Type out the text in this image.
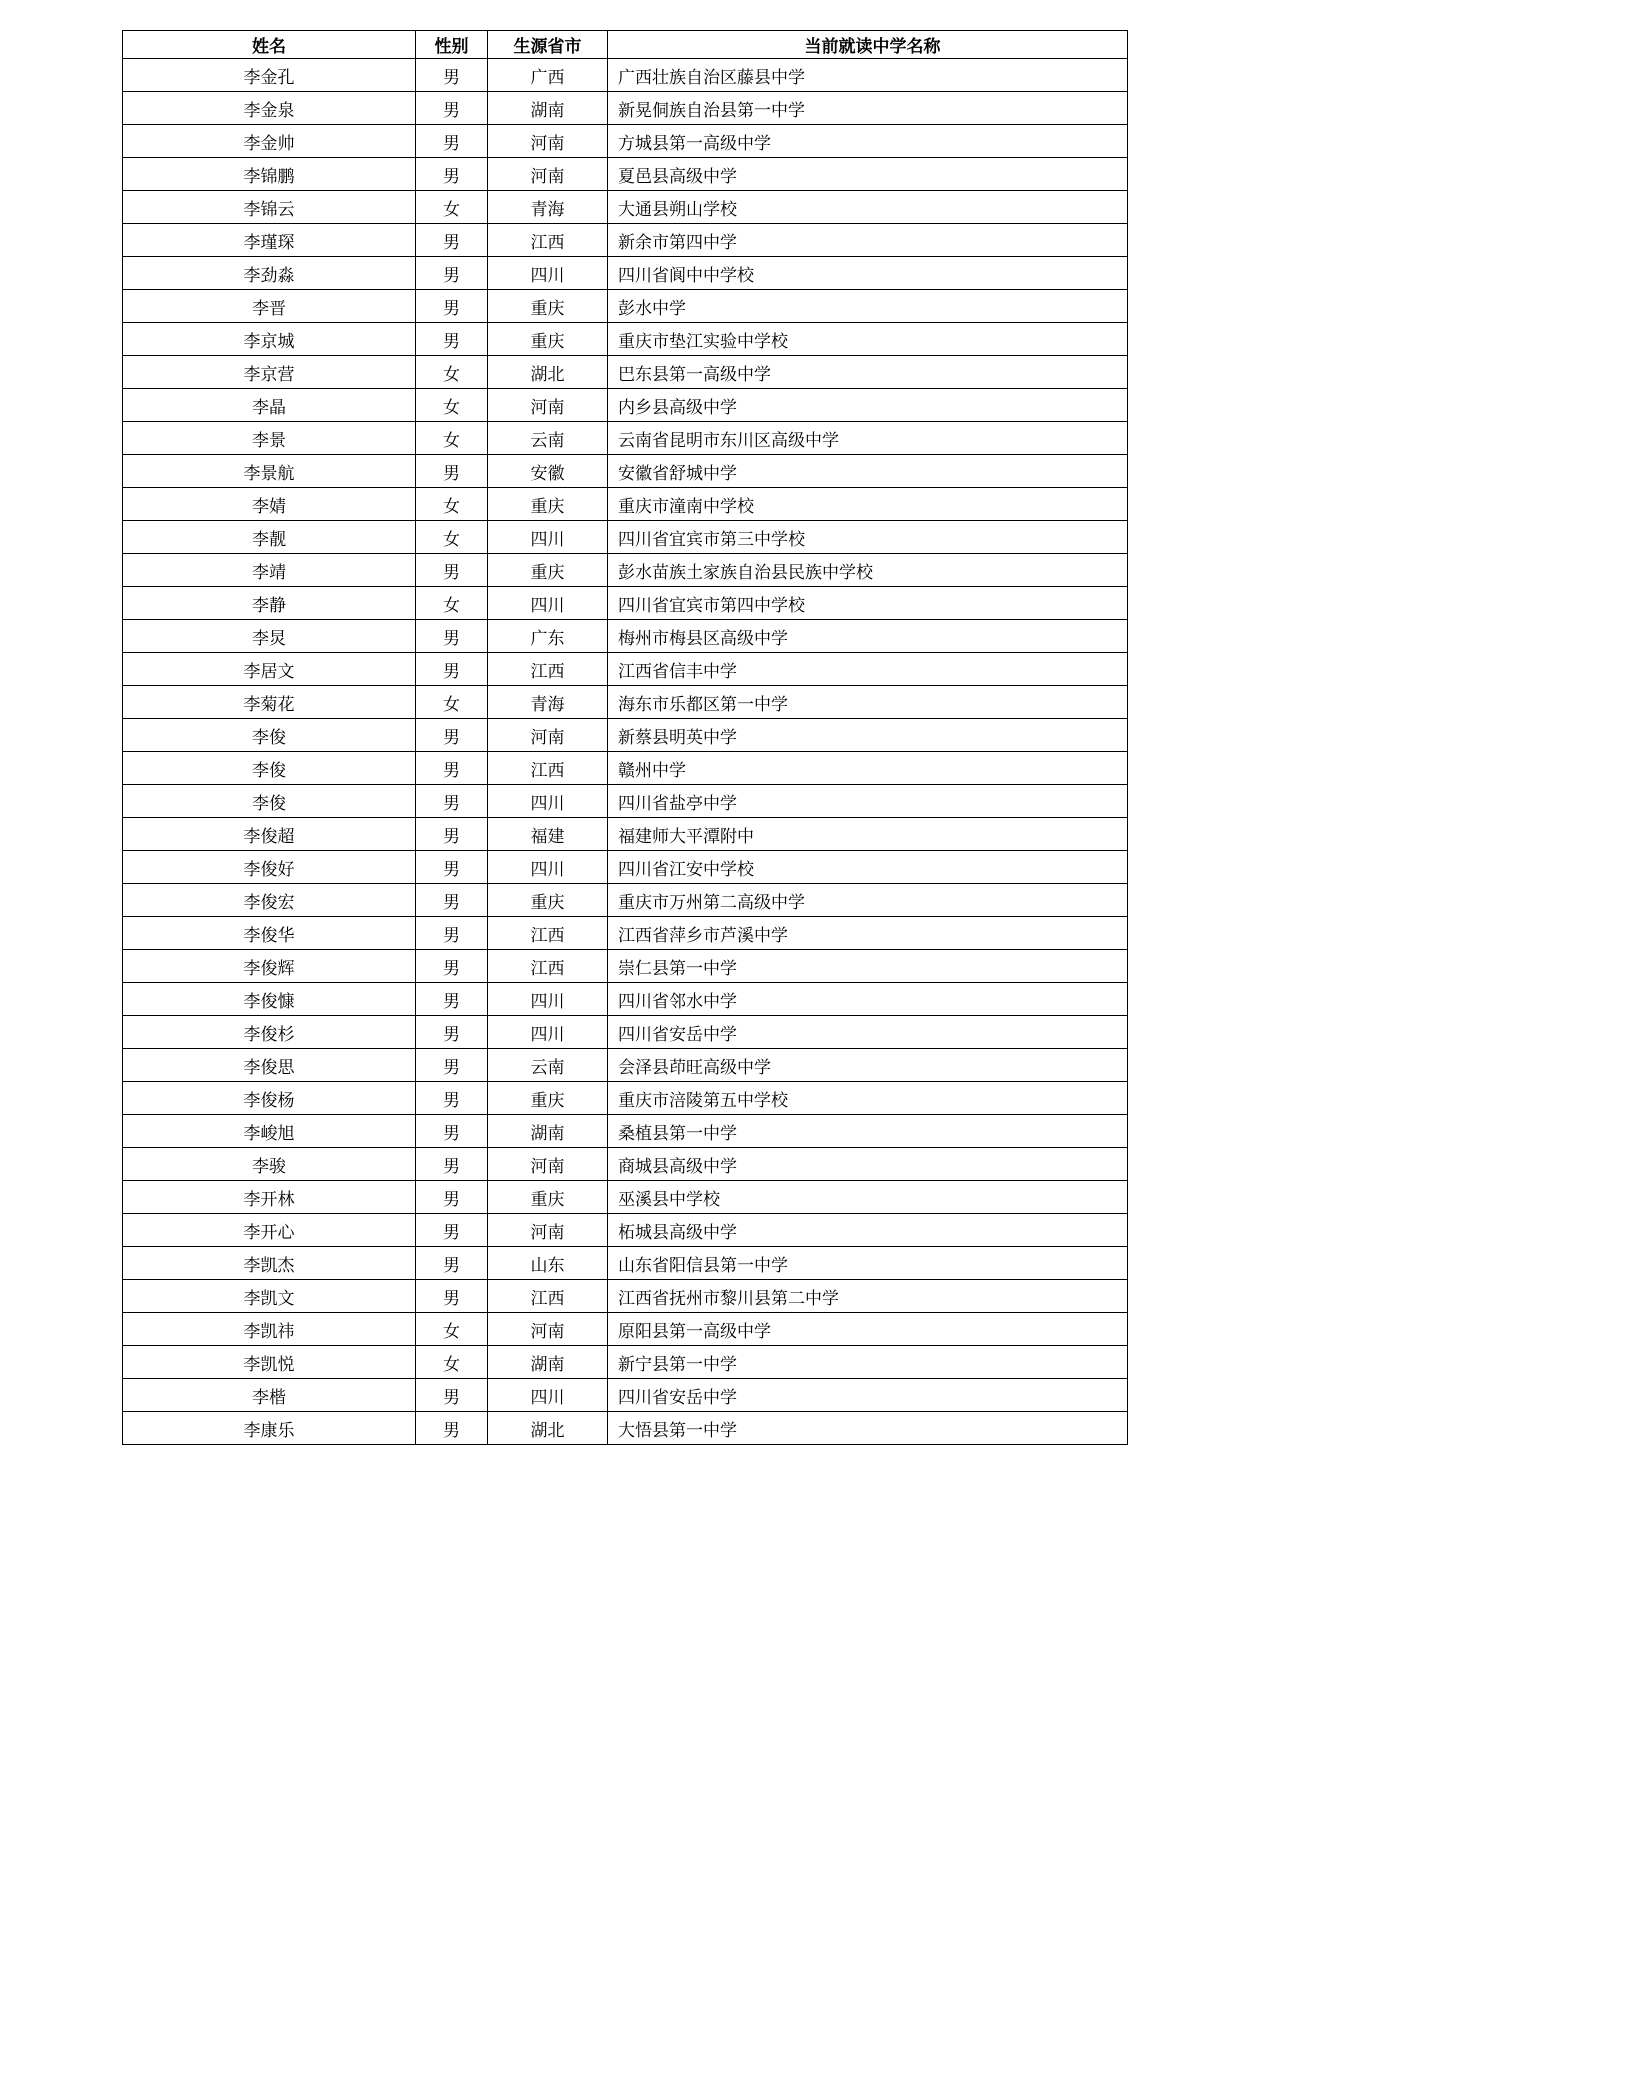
姓名	性别	生源省市	当前就读中学名称
李金孔	男	广西	广西壮族自治区藤县中学
李金泉	男	湖南	新晃侗族自治县第一中学
李金帅	男	河南	方城县第一高级中学
李锦鹏	男	河南	夏邑县高级中学
李锦云	女	青海	大通县朔山学校
李瑾琛	男	江西	新余市第四中学
李劲淼	男	四川	四川省阆中中学校
李晋	男	重庆	彭水中学
李京城	男	重庆	重庆市垫江实验中学校
李京营	女	湖北	巴东县第一高级中学
李晶	女	河南	内乡县高级中学
李景	女	云南	云南省昆明市东川区高级中学
李景航	男	安徽	安徽省舒城中学
李婧	女	重庆	重庆市潼南中学校
李靓	女	四川	四川省宜宾市第三中学校
李靖	男	重庆	彭水苗族土家族自治县民族中学校
李静	女	四川	四川省宜宾市第四中学校
李炅	男	广东	梅州市梅县区高级中学
李居文	男	江西	江西省信丰中学
李菊花	女	青海	海东市乐都区第一中学
李俊	男	河南	新蔡县明英中学
李俊	男	江西	赣州中学
李俊	男	四川	四川省盐亭中学
李俊超	男	福建	福建师大平潭附中
李俊好	男	四川	四川省江安中学校
李俊宏	男	重庆	重庆市万州第二高级中学
李俊华	男	江西	江西省萍乡市芦溪中学
李俊辉	男	江西	崇仁县第一中学
李俊慷	男	四川	四川省邻水中学
李俊杉	男	四川	四川省安岳中学
李俊思	男	云南	会泽县茚旺高级中学
李俊杨	男	重庆	重庆市涪陵第五中学校
李峻旭	男	湖南	桑植县第一中学
李骏	男	河南	商城县高级中学
李开林	男	重庆	巫溪县中学校
李开心	男	河南	柘城县高级中学
李凯杰	男	山东	山东省阳信县第一中学
李凯文	男	江西	江西省抚州市黎川县第二中学
李凯祎	女	河南	原阳县第一高级中学
李凯悦	女	湖南	新宁县第一中学
李楷	男	四川	四川省安岳中学
李康乐	男	湖北	大悟县第一中学
